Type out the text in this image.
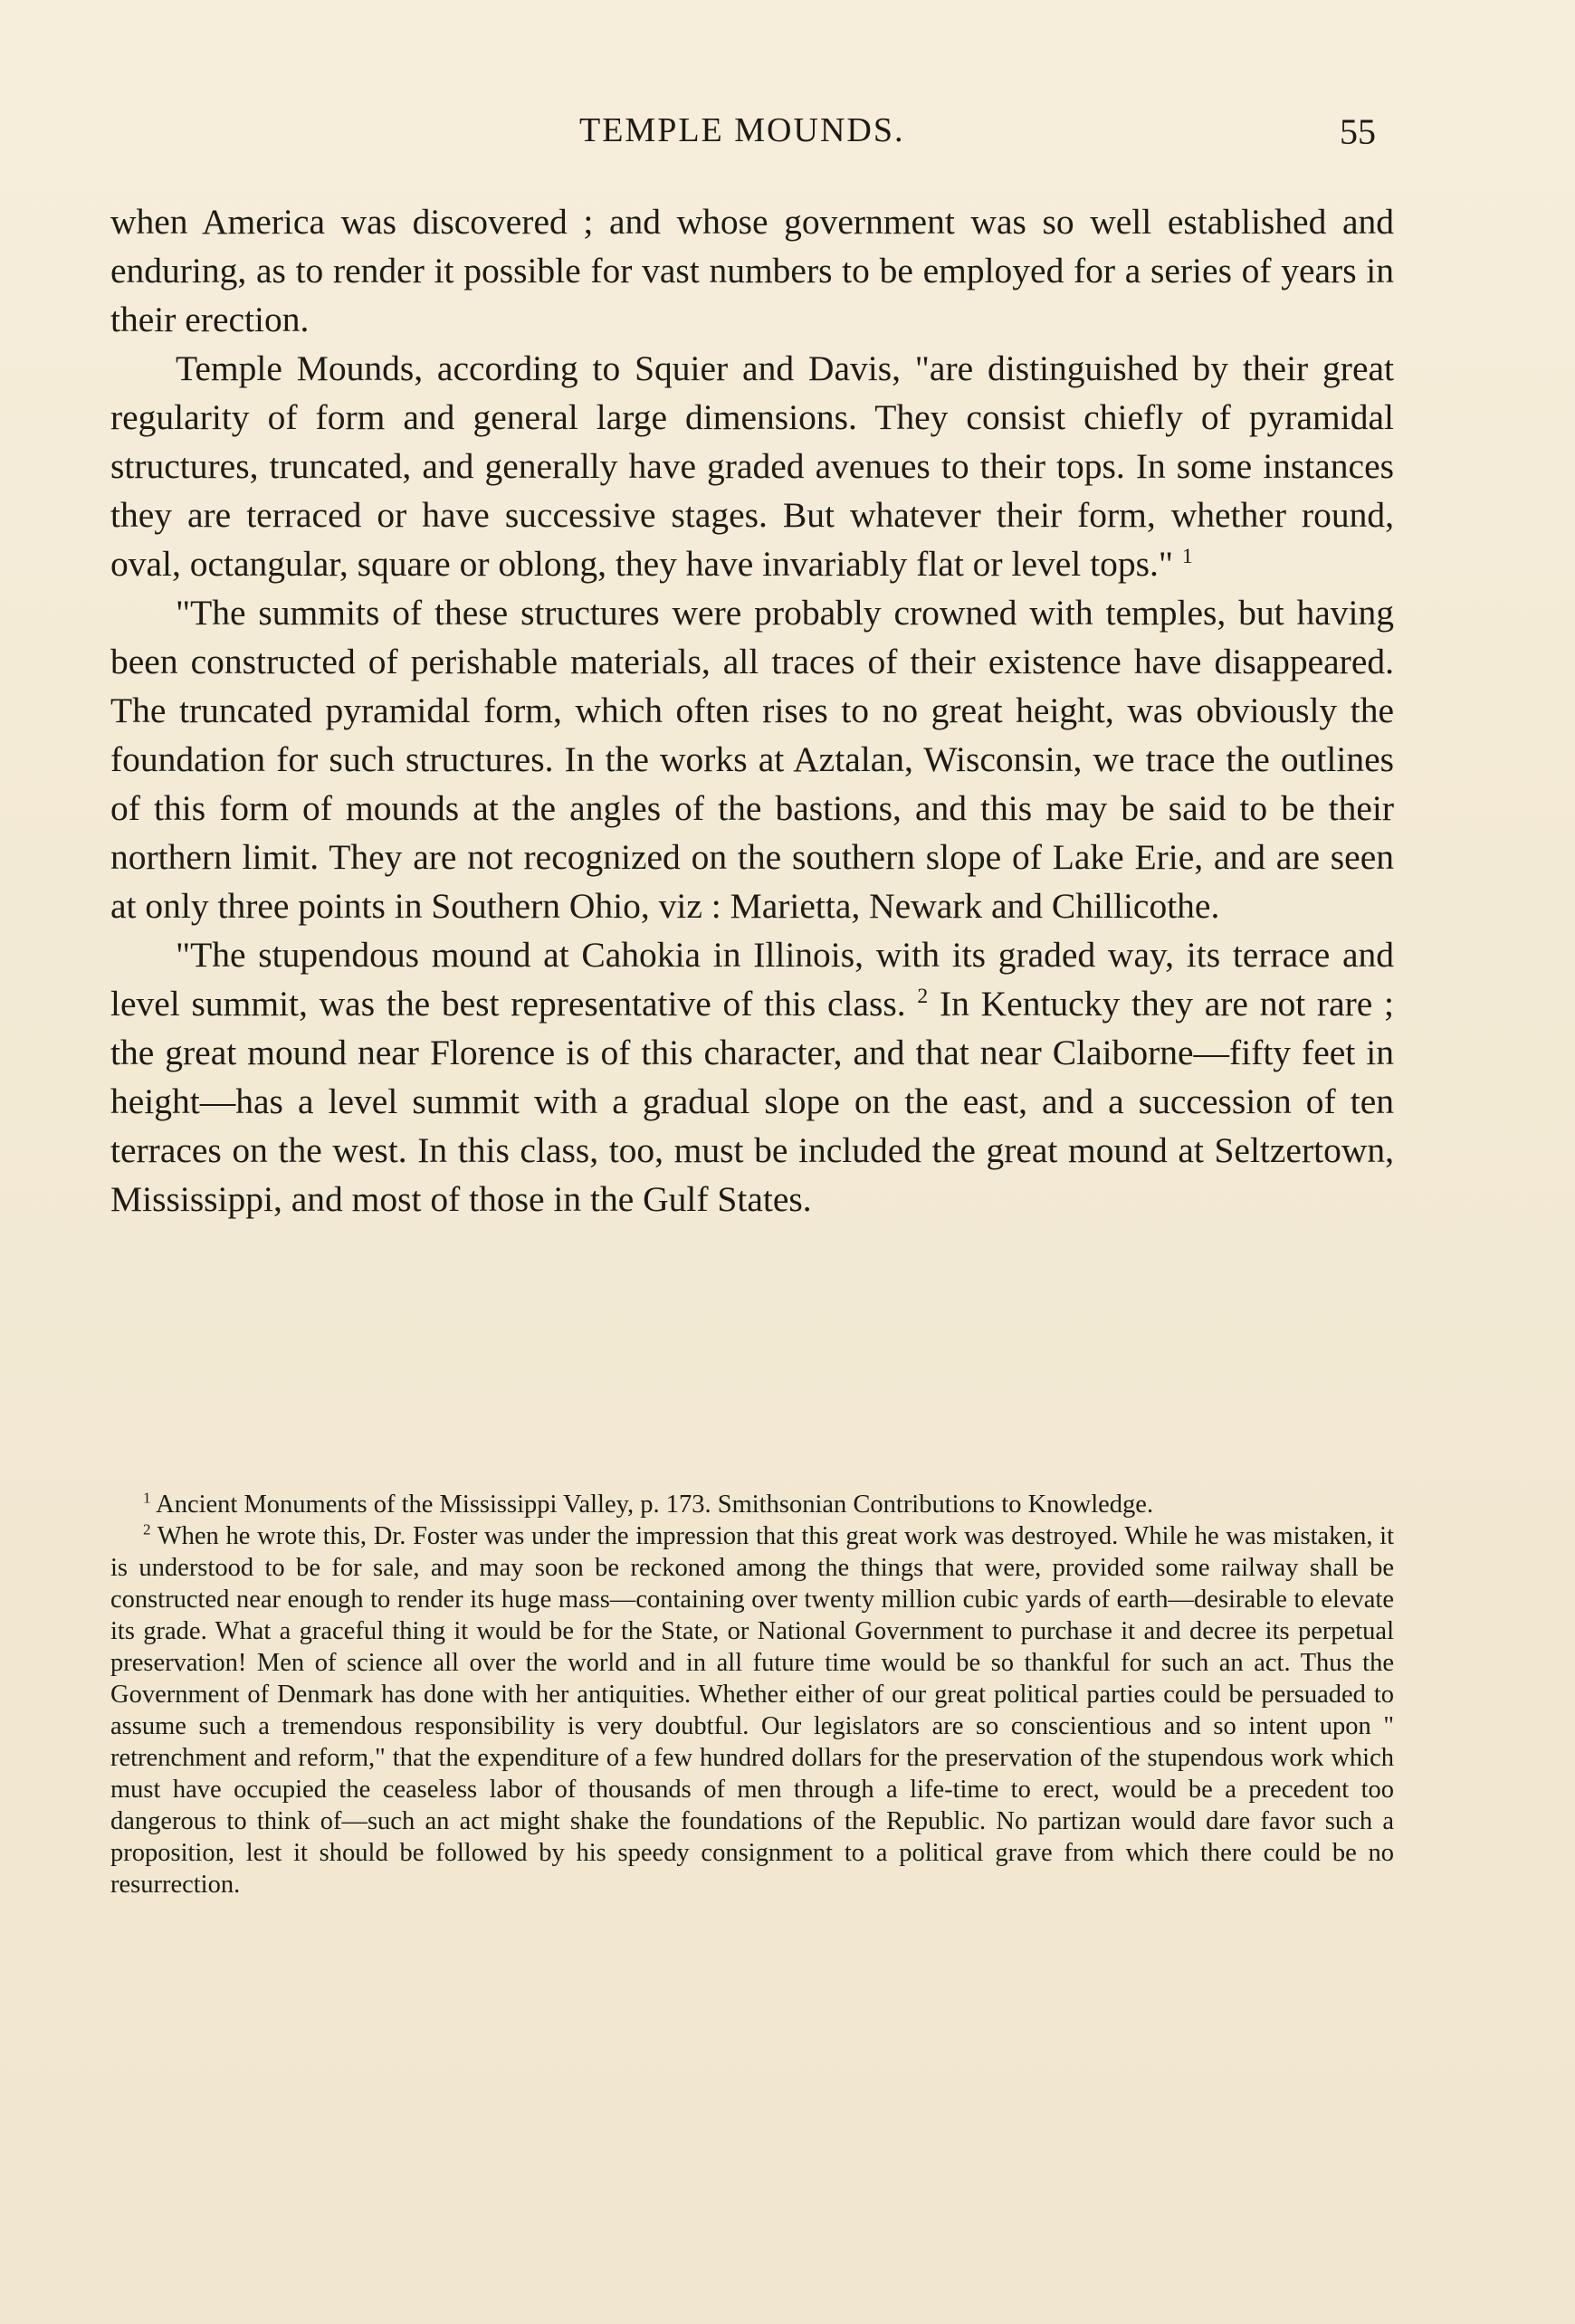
TEMPLE MOUNDS.	55

when America was discovered ; and whose government was so well established and enduring, as to render it possible for vast numbers to be employed for a series of years in their erection.

Temple Mounds, according to Squier and Davis, "are distinguished by their great regularity of form and general large dimensions. They consist chiefly of pyramidal structures, truncated, and generally have graded avenues to their tops. In some instances they are terraced or have successive stages. But whatever their form, whether round, oval, octangular, square or oblong, they have invariably flat or level tops." $^1$

"The summits of these structures were probably crowned with temples, but having been constructed of perishable materials, all traces of their existence have disappeared. The truncated pyramidal form, which often rises to no great height, was obviously the foundation for such structures. In the works at Aztalan, Wisconsin, we trace the outlines of this form of mounds at the angles of the bastions, and this may be said to be their northern limit. They are not recognized on the southern slope of Lake Erie, and are seen at only three points in Southern Ohio, viz : Marietta, Newark and Chillicothe.

"The stupendous mound at Cahokia in Illinois, with its graded way, its terrace and level summit, was the best representative of this class. $^2$ In Kentucky they are not rare ; the great mound near Florence is of this character, and that near Claiborne—fifty feet in height—has a level summit with a gradual slope on the east, and a succession of ten terraces on the west. In this class, too, must be included the great mound at Seltzertown, Mississippi, and most of those in the Gulf States.

$^1$ Ancient Monuments of the Mississippi Valley, p. 173. Smithsonian Contributions to Knowledge.

$^2$ When he wrote this, Dr. Foster was under the impression that this great work was destroyed. While he was mistaken, it is understood to be for sale, and may soon be reckoned among the things that were, provided some railway shall be constructed near enough to render its huge mass—containing over twenty million cubic yards of earth—desirable to elevate its grade. What a graceful thing it would be for the State, or National Government to purchase it and decree its perpetual preservation! Men of science all over the world and in all future time would be so thankful for such an act. Thus the Government of Denmark has done with her antiquities. Whether either of our great political parties could be persuaded to assume such a tremendous responsibility is very doubtful. Our legislators are so conscientious and so intent upon " retrenchment and reform," that the expenditure of a few hundred dollars for the preservation of the stupendous work which must have occupied the ceaseless labor of thousands of men through a life-time to erect, would be a precedent too dangerous to think of—such an act might shake the foundations of the Republic. No partizan would dare favor such a proposition, lest it should be followed by his speedy consignment to a political grave from which there could be no resurrection.
